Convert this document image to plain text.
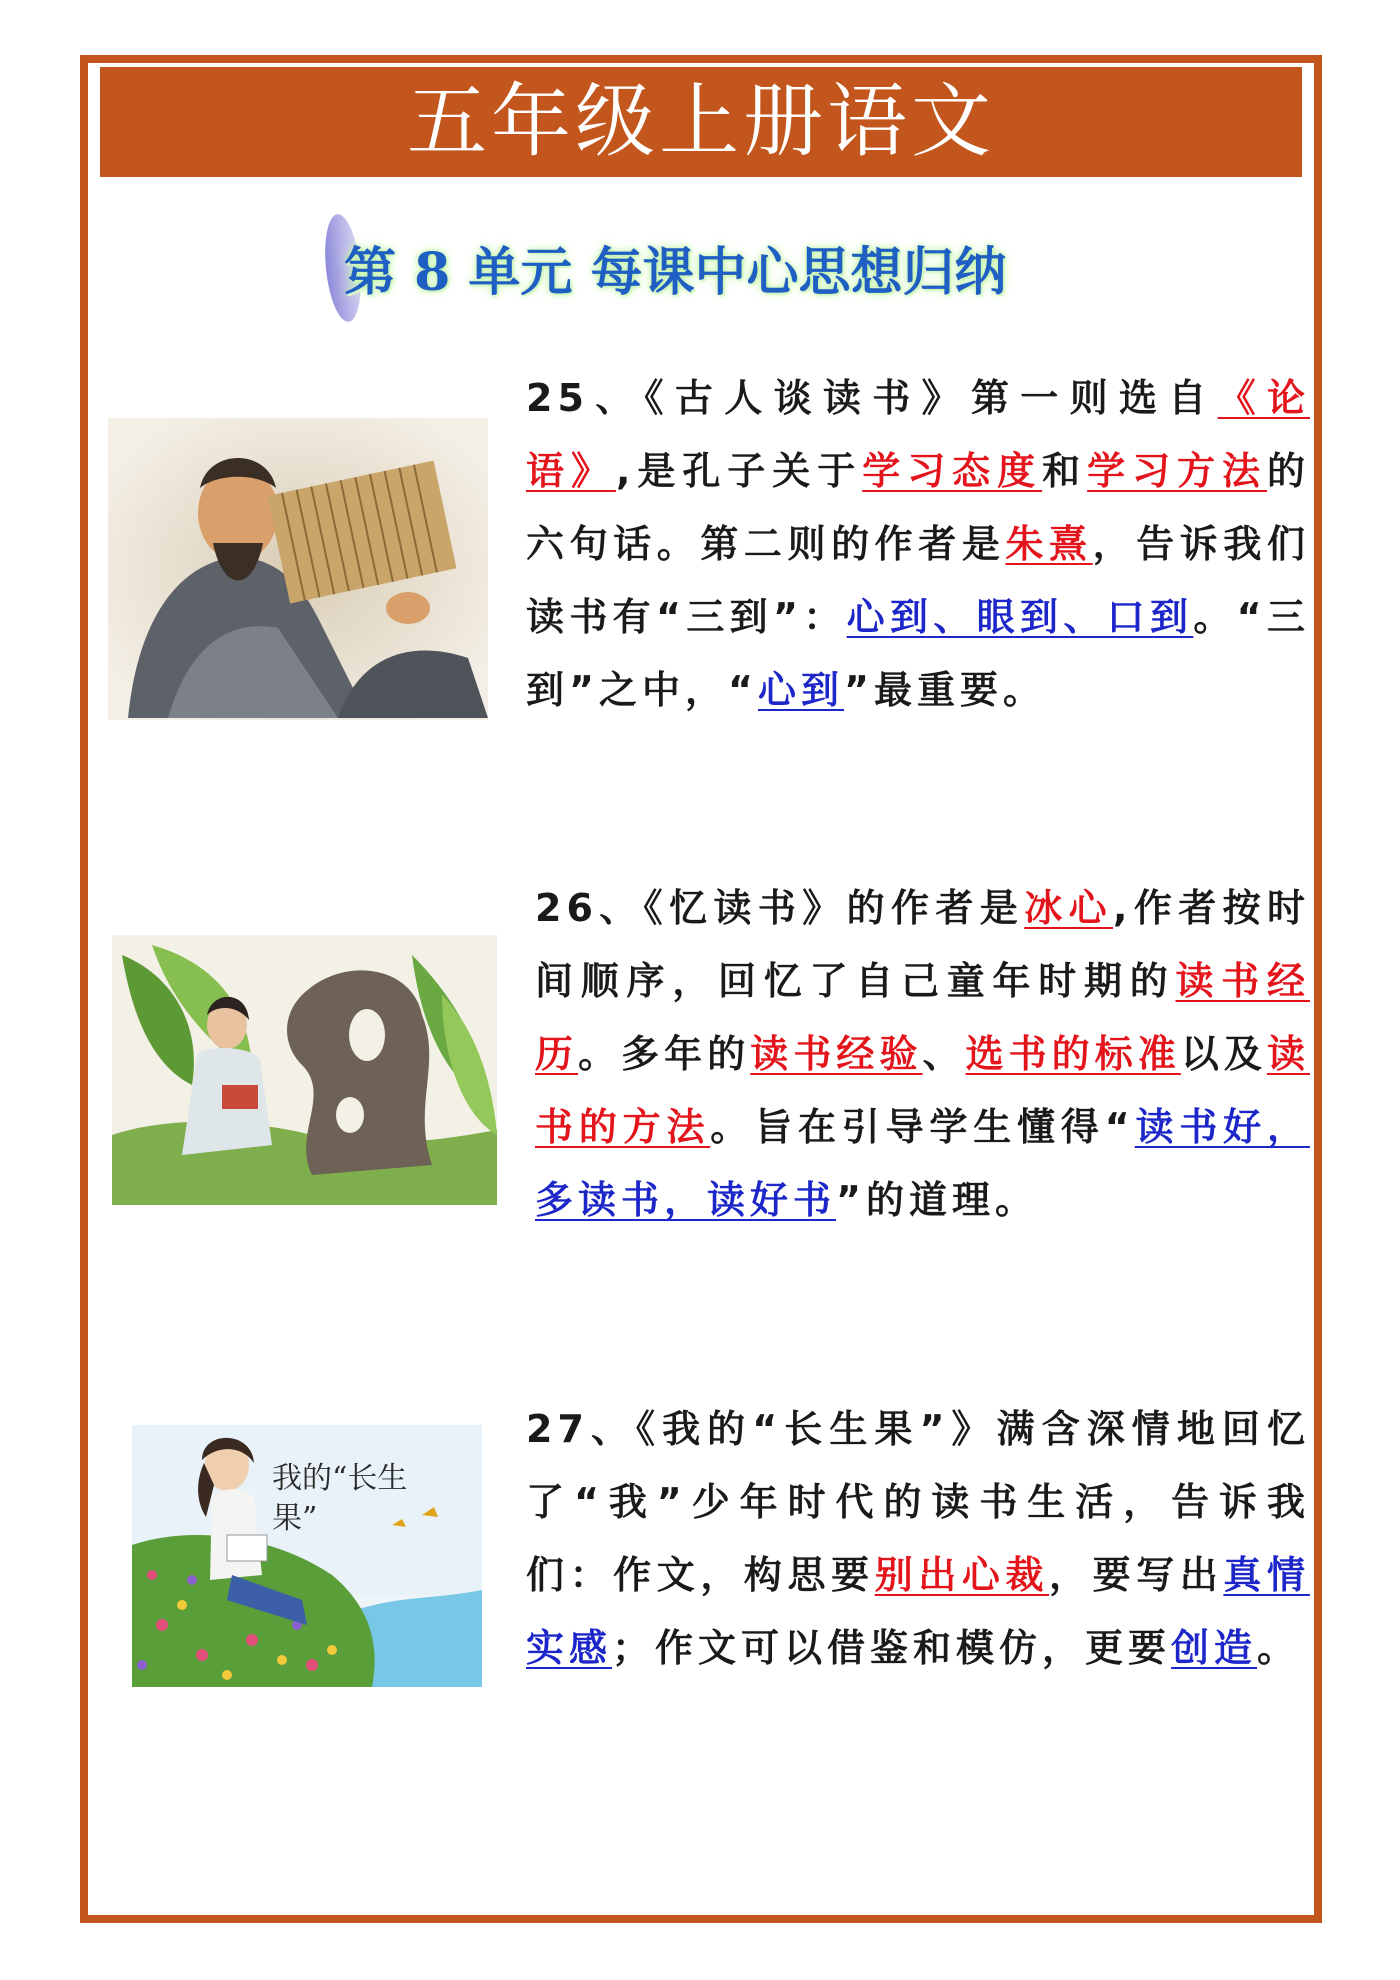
五年级上册语文
第 8 单元 每课中心思想归纳
25、《古人谈读书》第一则选自《论语》,是孔子关于学习态度和学习方法的六句话。第二则的作者是朱熹，告诉我们读书有“三到”：心到、眼到、口到。“三到”之中，“心到”最重要。
26、《忆读书》的作者是冰心,作者按时间顺序，回忆了自己童年时期的读书经历。多年的读书经验、选书的标准以及读书的方法。旨在引导学生懂得“读书好，多读书，读好书”的道理。
我的“长生果”
27、《我的“长生果”》满含深情地回忆了“我”少年时代的读书生活，告诉我们：作文，构思要别出心裁，要写出真情实感；作文可以借鉴和模仿，更要创造。
